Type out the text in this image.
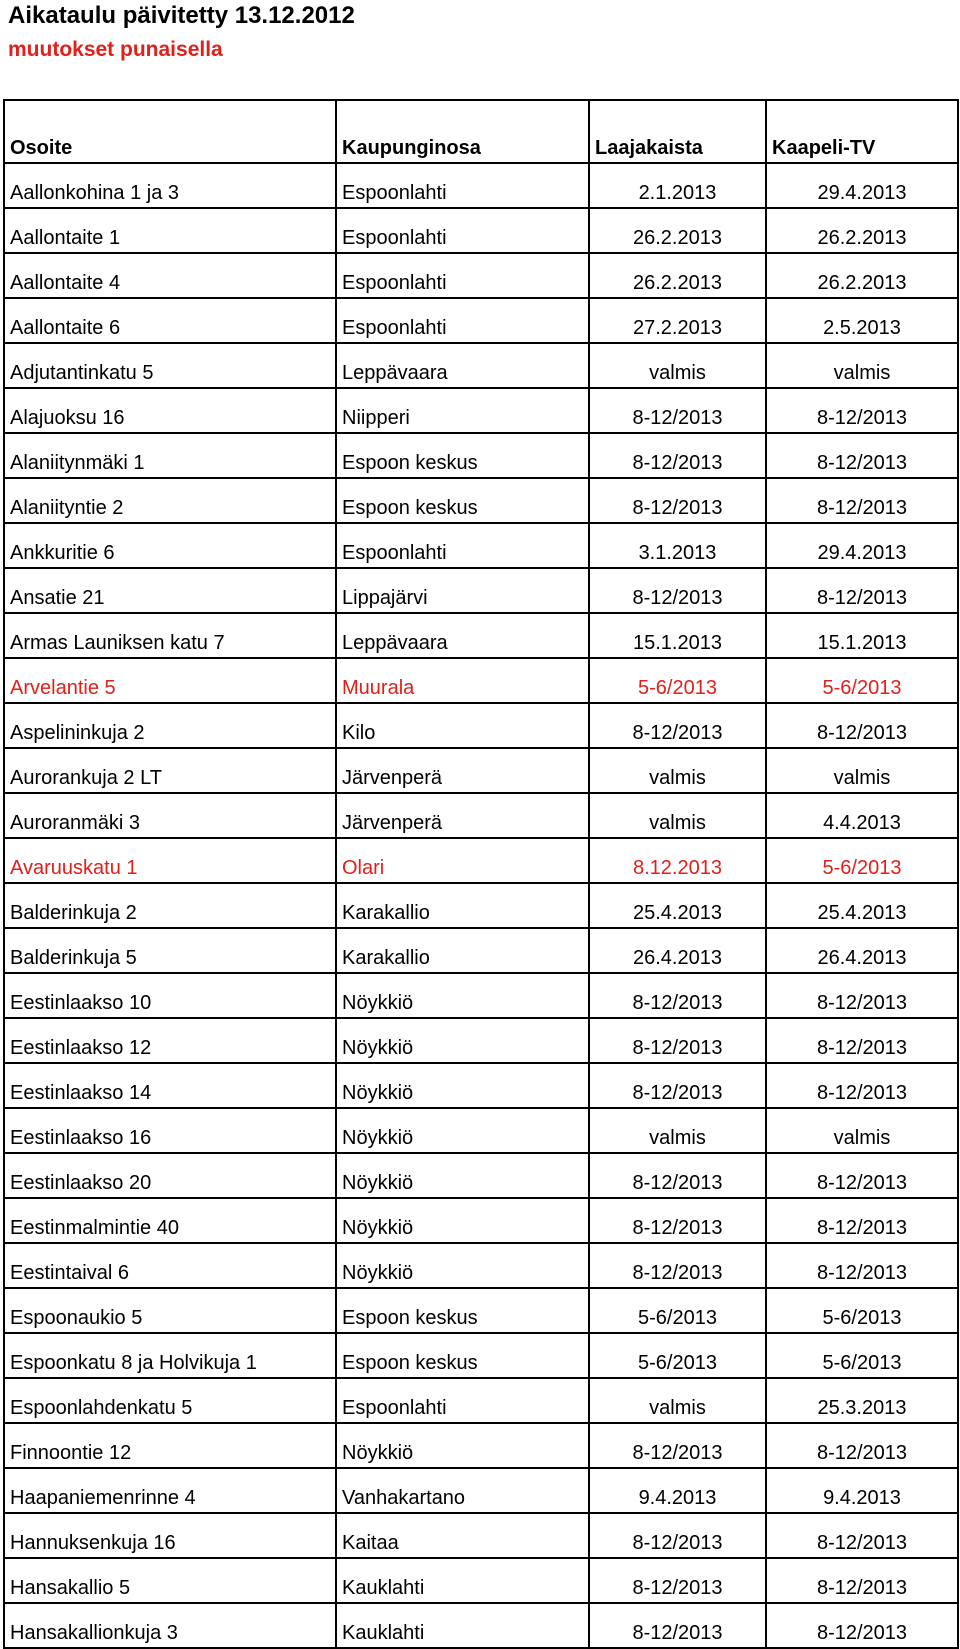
Aikataulu päivitetty 13.12.2012
muutokset punaisella
Osoite	Kaupunginosa	Laajakaista	Kaapeli-TV
Aallonkohina 1 ja 3	Espoonlahti	2.1.2013	29.4.2013
Aallontaite 1	Espoonlahti	26.2.2013	26.2.2013
Aallontaite 4	Espoonlahti	26.2.2013	26.2.2013
Aallontaite 6	Espoonlahti	27.2.2013	2.5.2013
Adjutantinkatu 5	Leppävaara	valmis	valmis
Alajuoksu 16	Niipperi	8-12/2013	8-12/2013
Alaniitynmäki 1	Espoon keskus	8-12/2013	8-12/2013
Alaniityntie 2	Espoon keskus	8-12/2013	8-12/2013
Ankkuritie 6	Espoonlahti	3.1.2013	29.4.2013
Ansatie 21	Lippajärvi	8-12/2013	8-12/2013
Armas Launiksen katu 7	Leppävaara	15.1.2013	15.1.2013
Arvelantie 5	Muurala	5-6/2013	5-6/2013
Aspelininkuja 2	Kilo	8-12/2013	8-12/2013
Aurorankuja 2 LT	Järvenperä	valmis	valmis
Auroranmäki 3	Järvenperä	valmis	4.4.2013
Avaruuskatu 1	Olari	8.12.2013	5-6/2013
Balderinkuja 2	Karakallio	25.4.2013	25.4.2013
Balderinkuja 5	Karakallio	26.4.2013	26.4.2013
Eestinlaakso 10	Nöykkiö	8-12/2013	8-12/2013
Eestinlaakso 12	Nöykkiö	8-12/2013	8-12/2013
Eestinlaakso 14	Nöykkiö	8-12/2013	8-12/2013
Eestinlaakso 16	Nöykkiö	valmis	valmis
Eestinlaakso 20	Nöykkiö	8-12/2013	8-12/2013
Eestinmalmintie 40	Nöykkiö	8-12/2013	8-12/2013
Eestintaival 6	Nöykkiö	8-12/2013	8-12/2013
Espoonaukio 5	Espoon keskus	5-6/2013	5-6/2013
Espoonkatu 8 ja Holvikuja 1	Espoon keskus	5-6/2013	5-6/2013
Espoonlahdenkatu 5	Espoonlahti	valmis	25.3.2013
Finnoontie 12	Nöykkiö	8-12/2013	8-12/2013
Haapaniemenrinne 4	Vanhakartano	9.4.2013	9.4.2013
Hannuksenkuja 16	Kaitaa	8-12/2013	8-12/2013
Hansakallio 5	Kauklahti	8-12/2013	8-12/2013
Hansakallionkuja 3	Kauklahti	8-12/2013	8-12/2013
